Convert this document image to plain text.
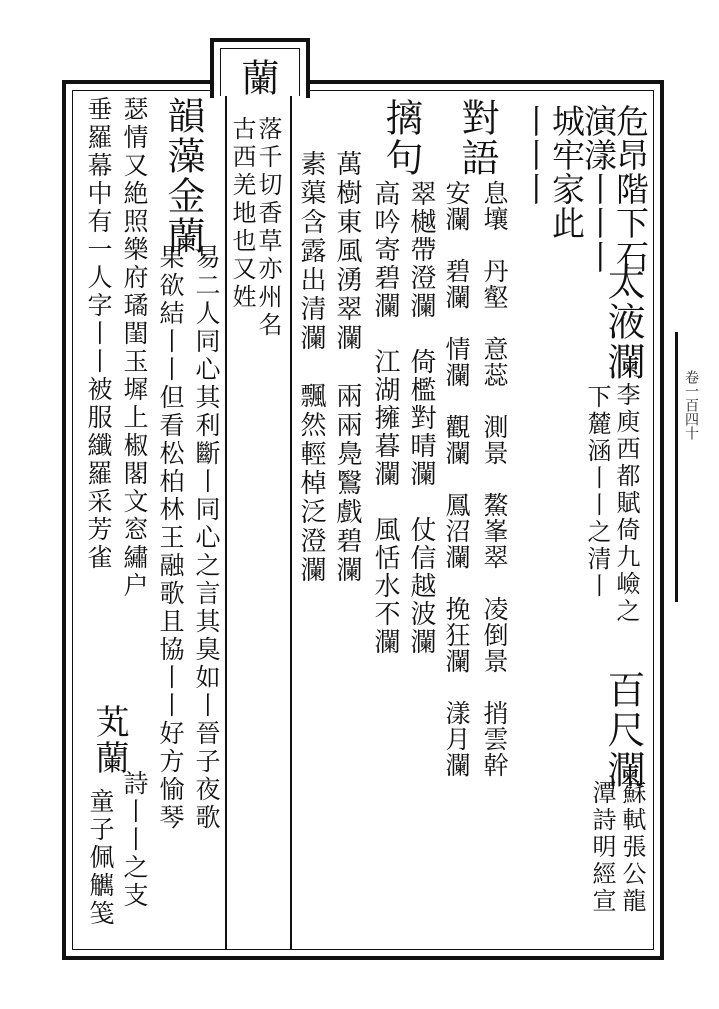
卷一百四十
危昂階下石
演漾丨丨丨
城牢家此
丨丨丨
太液瀾
李庾西都賦倚九嶮之
下麓涵丨丨之清丨
百尺瀾
蘇軾張公龍
潭詩明經宣
對語
息壤　丹壑　意蕊　測景　鰲峯翠　凌倒景　捎雲幹
安瀾　碧瀾　情瀾　觀瀾　鳳沼瀾　挽狂瀾　漾月瀾
摛句
翠樾帶澄瀾　倚檻對晴瀾　仗信越波瀾
高吟寄碧瀾　江湖擁暮瀾　風恬水不瀾
萬樹東風湧翠瀾　兩兩鳧鷖戲碧瀾
素蕖含露出清瀾　飄然輕棹泛澄瀾
蘭
落千切香草亦州名
古西羌地也又姓
韻藻金蘭
易二人同心其利斷丨同心之言其臭如丨晉子夜歌
果欲結丨丨但看松柏林王融歌且協丨丨好方愉琴
瑟情又絶照樂府璚閨玉墀上椒閣文窓繡户
芄蘭
詩丨丨之支
垂羅幕中有一人字丨丨被服纖羅采芳雀
童子佩觽笺
